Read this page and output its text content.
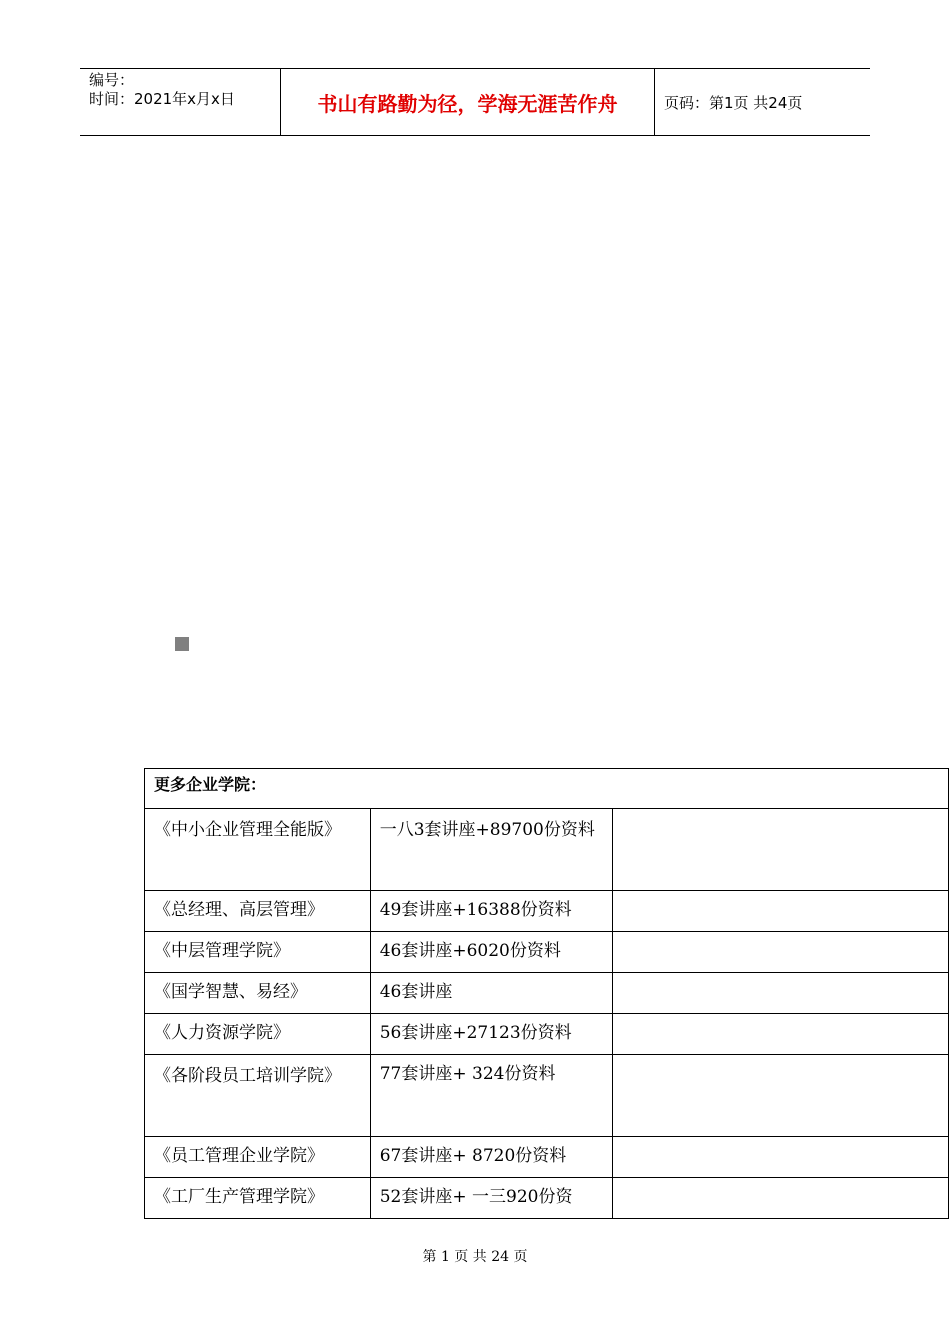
编号：
时间：2021年x月x日	书山有路勤为径，学海无涯苦作舟	页码：第1页 共24页
更多企业学院：		
《中小企业管理全能版》	一八3套讲座+89700份资料	
《总经理、高层管理》	49套讲座+16388份资料	
《中层管理学院》	46套讲座+6020份资料	
《国学智慧、易经》	46套讲座	
《人力资源学院》	56套讲座+27123份资料	
《各阶段员工培训学院》	77套讲座+ 324份资料	
《员工管理企业学院》	67套讲座+ 8720份资料	
《工厂生产管理学院》	52套讲座+ 一三920份资	
第 1 页 共 24 页
